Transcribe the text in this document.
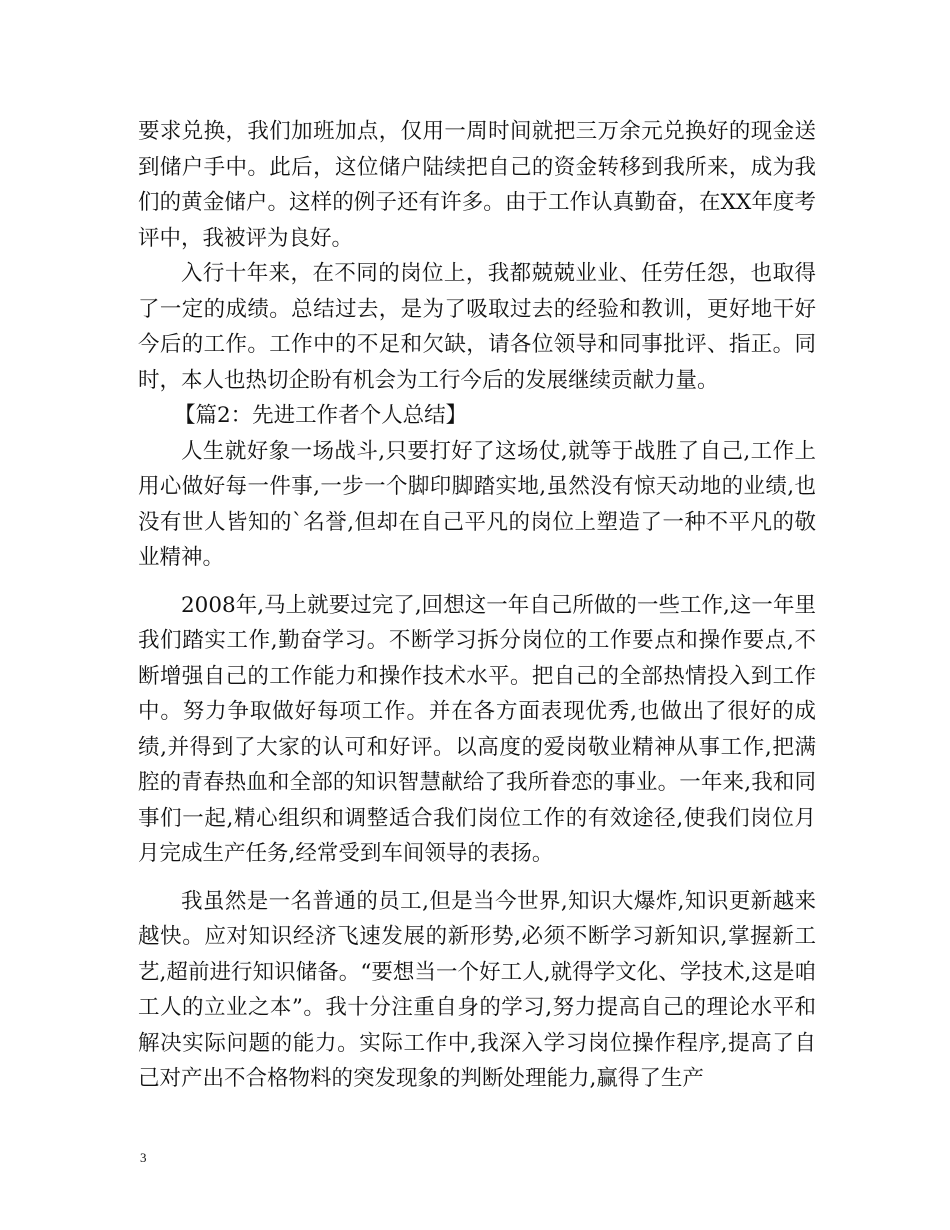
要求兑换，我们加班加点，仅用一周时间就把三万余元兑换好的现金送到储户手中。此后，这位储户陆续把自己的资金转移到我所来，成为我们的黄金储户。这样的例子还有许多。由于工作认真勤奋，在XX年度考评中，我被评为良好。

入行十年来，在不同的岗位上，我都兢兢业业、任劳任怨，也取得了一定的成绩。总结过去，是为了吸取过去的经验和教训，更好地干好今后的工作。工作中的不足和欠缺，请各位领导和同事批评、指正。同时，本人也热切企盼有机会为工行今后的发展继续贡献力量。

【篇2：先进工作者个人总结】

人生就好象一场战斗,只要打好了这场仗,就等于战胜了自己,工作上用心做好每一件事,一步一个脚印脚踏实地,虽然没有惊天动地的业绩,也没有世人皆知的`名誉,但却在自己平凡的岗位上塑造了一种不平凡的敬业精神。

2008年,马上就要过完了,回想这一年自己所做的一些工作,这一年里我们踏实工作,勤奋学习。不断学习拆分岗位的工作要点和操作要点,不断增强自己的工作能力和操作技术水平。把自己的全部热情投入到工作中。努力争取做好每项工作。并在各方面表现优秀,也做出了很好的成绩,并得到了大家的认可和好评。以高度的爱岗敬业精神从事工作,把满腔的青春热血和全部的知识智慧献给了我所眷恋的事业。一年来,我和同事们一起,精心组织和调整适合我们岗位工作的有效途径,使我们岗位月月完成生产任务,经常受到车间领导的表扬。

我虽然是一名普通的员工,但是当今世界,知识大爆炸,知识更新越来越快。应对知识经济飞速发展的新形势,必须不断学习新知识,掌握新工艺,超前进行知识储备。“要想当一个好工人,就得学文化、学技术,这是咱工人的立业之本”。我十分注重自身的学习,努力提高自己的理论水平和解决实际问题的能力。实际工作中,我深入学习岗位操作程序,提高了自己对产出不合格物料的突发现象的判断处理能力,赢得了生产

3
